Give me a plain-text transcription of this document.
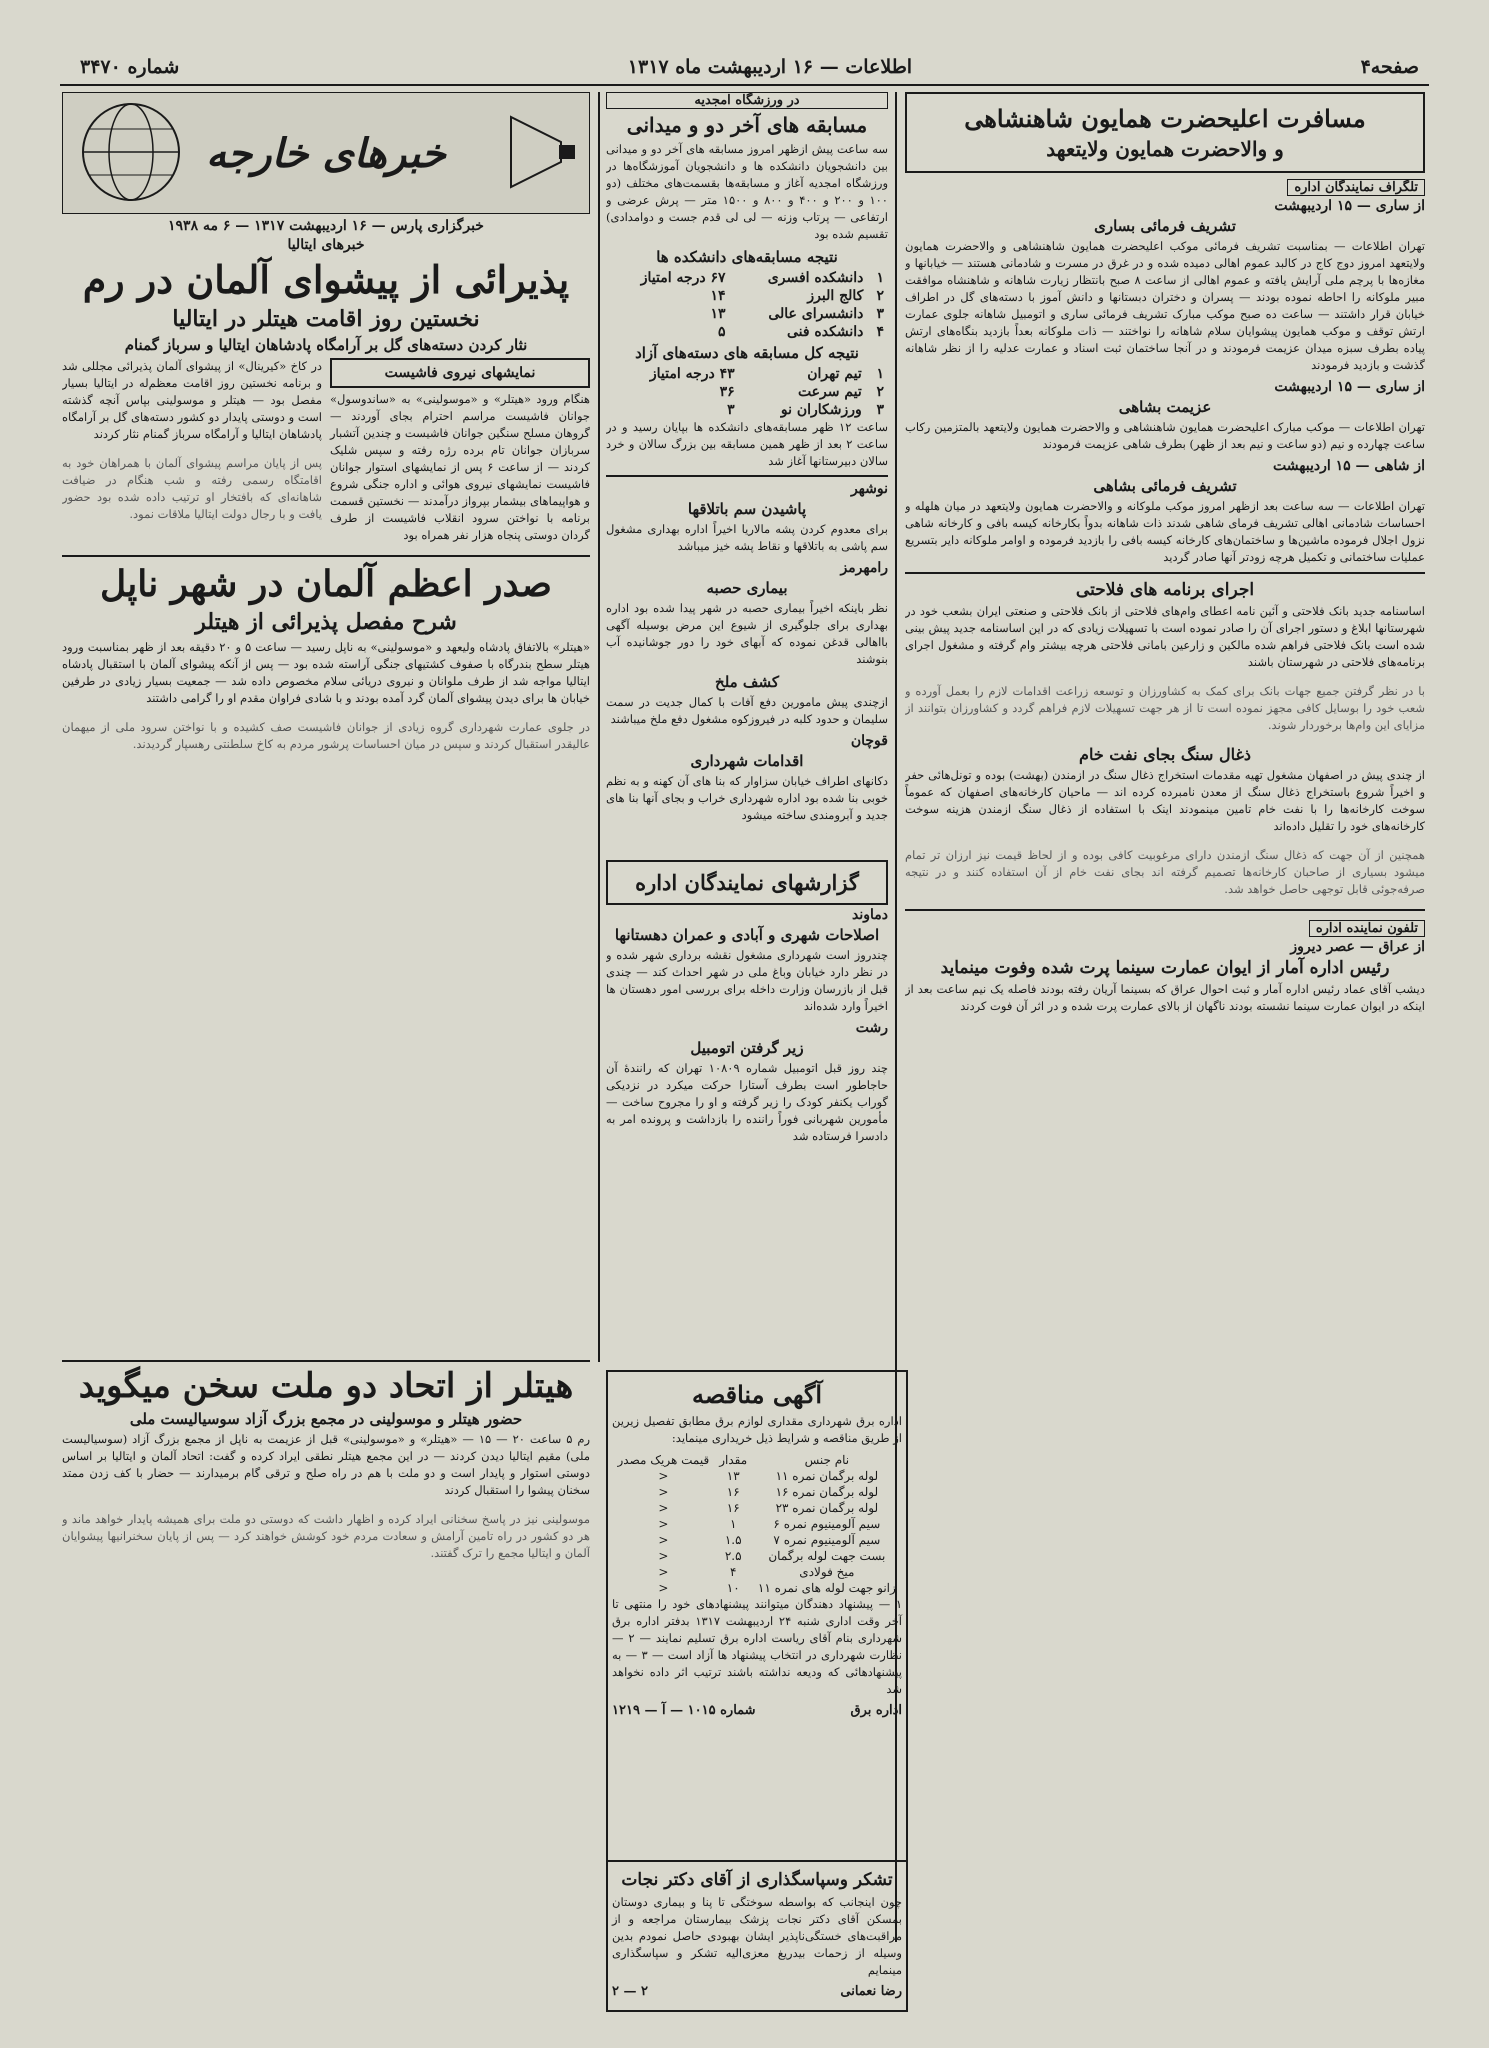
صفحه۴
اطلاعات — ۱۶ اردیبهشت ماه ۱۳۱۷
شماره ۳۴۷۰
مسافرت اعلیحضرت همایون شاهنشاهی
و والاحضرت همایون ولایتعهد
تلگراف نمایندگان اداره
از ساری — ۱۵ اردیبهشت
تشریف فرمائی بساری

تهران اطلاعات — بمناسبت تشریف فرمائی موکب اعلیحضرت همایون شاهنشاهی و والاحضرت همایون ولایتعهد امروز دوج کاج در کالبد عموم اهالی دمیده شده و در غرق در مسرت و شادمانی هستند — خیابانها و مغازه‌ها با پرچم ملی آرایش یافته و عموم اهالی از ساعت ۸ صبح بانتظار زیارت شاهانه و شاهنشاه موافقت مبیر ملوکانه را احاطه نموده بودند — پسران و دختران دبستانها و دانش آموز با دسته‌های گل در اطراف خیابان قرار داشتند — ساعت ده صبح موکب مبارک تشریف فرمائی ساری و اتومبیل شاهانه جلوی عمارت ارتش توقف و موکب همایون پیشوایان سلام شاهانه را نواختند — ذات ملوکانه بعداً بازدید بنگاه‌های ارتش پیاده بطرف سبزه میدان عزیمت فرمودند و در آنجا ساختمان ثبت اسناد و عمارت عدلیه را از نظر شاهانه گذشت و بازدید فرمودند

از ساری — ۱۵ اردیبهشت
عزیمت بشاهی

تهران اطلاعات — موکب مبارک اعلیحضرت همایون شاهنشاهی و والاحضرت همایون ولایتعهد بالمتزمین رکاب ساعت چهارده و نیم (دو ساعت و نیم بعد از ظهر) بطرف شاهی عزیمت فرمودند

از شاهی — ۱۵ اردیبهشت
تشریف فرمائی بشاهی

تهران اطلاعات — سه ساعت بعد ازظهر امروز موکب ملوکانه و والاحضرت همایون ولایتعهد در میان هلهله و احساسات شادمانی اهالی تشریف فرمای شاهی شدند ذات شاهانه بدواً بکارخانه کیسه بافی و کارخانه شاهی نزول اجلال فرموده ماشین‌ها و ساختمان‌های کارخانه کیسه بافی را بازدید فرموده و اوامر ملوکانه دایر بتسریع عملیات ساختمانی و تکمیل هرچه زودتر آنها صادر گردید

اجرای برنامه های فلاحتی

اساسنامه جدید بانک فلاحتی و آئین نامه اعطای وام‌های فلاحتی از بانک فلاحتی و صنعتی ایران بشعب خود در شهرستانها ابلاغ و دستور اجرای آن را صادر نموده است با تسهیلات زیادی که در این اساسنامه جدید پیش بینی شده است بانک فلاحتی فراهم شده مالکین و زارعین بامانی فلاحتی هرچه بیشتر وام گرفته و مشغول اجرای برنامه‌های فلاحتی در شهرستان باشند

با در نظر گرفتن جمیع جهات بانک برای کمک به کشاورزان و توسعه زراعت اقدامات لازم را بعمل آورده و شعب خود را بوسایل کافی مجهز نموده است تا از هر جهت تسهیلات لازم فراهم گردد و کشاورزان بتوانند از مزایای این وام‌ها برخوردار شوند.

ذغال سنگ بجای نفت خام

از چندی پیش در اصفهان مشغول تهیه مقدمات استخراج ذغال سنگ در ازمندن (بهشت) بوده و تونل‌هائی حفر و اخیراً شروع باستخراج ذغال سنگ از معدن نامبرده کرده اند — ماحیان کارخانه‌های اصفهان که عموماً سوخت کارخانه‌ها را با نفت خام تامین مینمودند اینک با استفاده از ذغال سنگ ازمندن هزینه سوخت کارخانه‌های خود را تقلیل داده‌اند

همچنین از آن جهت که ذغال سنگ ازمندن دارای مرغوبیت کافی بوده و از لحاظ قیمت نیز ارزان تر تمام میشود بسیاری از صاحبان کارخانه‌ها تصمیم گرفته اند بجای نفت خام از آن استفاده کنند و در نتیجه صرفه‌جوئی قابل توجهی حاصل خواهد شد.

تلفون نماینده اداره
از عراق — عصر دیروز
رئیس اداره آمار از ایوان عمارت سینما پرت شده وفوت مینماید

دیشب آقای عماد رئیس اداره آمار و ثبت احوال عراق که بسینما آریان رفته بودند فاصله یک نیم ساعت بعد از اینکه در ایوان عمارت سینما نشسته بودند ناگهان از بالای عمارت پرت شده و در اثر آن فوت کردند

در ورزشگاه امجدیه
مسابقه های آخر دو و میدانی

سه ساعت پیش ازظهر امروز مسابقه های آخر دو و میدانی بین دانشجویان دانشکده ها و دانشجویان آموزشگاه‌ها در ورزشگاه امجدیه آغاز و مسابقه‌ها بقسمت‌های مختلف (دو ۱۰۰ و ۲۰۰ و ۴۰۰ و ۸۰۰ و ۱۵۰۰ متر — پرش عرضی و ارتفاعی — پرتاب وزنه — لی لی قدم جست و دوامدادی) تقسیم شده بود

نتیجه مسابقه‌های دانشکده ها
۱	دانشکده افسری	۶۷ درجه امتیاز
۲	کالج البرز	۱۴
۳	دانشسرای عالی	۱۳
۴	دانشکده فنی	۵
نتیجه کل مسابقه های دسته‌های آزاد
۱	تیم تهران	۴۳ درجه امتیاز
۲	تیم سرعت	۳۶
۳	ورزشکاران نو	۳

ساعت ۱۲ ظهر مسابقه‌های دانشکده ها بپایان رسید و در ساعت ۲ بعد از ظهر همین مسابقه بین بزرگ سالان و خرد سالان دبیرستانها آغاز شد

نوشهر
پاشیدن سم باتلاقها

برای معدوم کردن پشه مالاریا اخیراً اداره بهداری مشغول سم پاشی به باتلاقها و نقاط پشه خیز میباشد

رامهرمز
بیماری حصبه

نظر باینکه اخیراً بیماری حصبه در شهر پیدا شده بود اداره بهداری برای جلوگیری از شیوع این مرض بوسیله آگهی بااهالی قدغن نموده که آبهای خود را دور جوشانیده آب بنوشند

کشف ملخ

ازچندی پیش مامورین دفع آفات با کمال جدیت در سمت سلیمان و حدود کلبه در فیروزکوه مشغول دفع ملخ میباشند

قوچان
اقدامات شهرداری

دکانهای اطراف خیابان سزاوار که بنا های آن کهنه و به نظم خوبی بنا شده بود اداره شهرداری خراب و بجای آنها بنا های جدید و آبرومندی ساخته میشود

گزارشهای نمایندگان اداره
دماوند
اصلاحات شهری و آبادی و عمران دهستانها

چندروز است شهرداری مشغول نقشه برداری شهر شده و در نظر دارد خیابان وباغ ملی در شهر احداث کند — چندی قبل از بازرسان وزارت داخله برای بررسی امور دهستان ها اخیراً وارد شده‌اند

رشت
زیر گرفتن اتومبیل

چند روز قبل اتومبیل شماره ۱۰۸۰۹ تهران که رانندهٔ آن حاجاطور است بطرف آستارا حرکت میکرد در نزدیکی گوراب یکنفر کودک را زیر گرفته و او را مجروح ساخت — مأمورین شهربانی فوراً راننده را بازداشت و پرونده امر به دادسرا فرستاده شد

خبرهای خارجه
خبرگزاری پارس — ۱۶ اردیبهشت ۱۳۱۷ — ۶ مه ۱۹۳۸
خبرهای ایتالیا
پذیرائی از پیشوای آلمان در رم
نخستین روز اقامت هیتلر در ایتالیا
نثار کردن دسته‌های گل بر آرامگاه پادشاهان ایتالیا و سرباز گمنام
نمایشهای نیروی فاشیست

هنگام ورود «هیتلر» و «موسولینی» به «ساندوسول» جوانان فاشیست مراسم احترام بجای آوردند — گروهان مسلح سنگین جوانان فاشیست و چندین آتشبار سربازان جوانان تام برده رژه رفته و سپس شلیک کردند — از ساعت ۶ پس از نمایشهای استوار جوانان فاشیست نمایشهای نیروی هوائی و اداره جنگی شروع و هواپیماهای بیشمار بپرواز درآمدند — نخستین قسمت برنامه با نواختن سرود انقلاب فاشیست از طرف گردان دوستی پنجاه هزار نفر همراه بود

در کاخ «کیرینال» از پیشوای آلمان پذیرائی مجللی شد و برنامه نخستین روز اقامت معظم‌له در ایتالیا بسیار مفصل بود — هیتلر و موسولینی بپاس آنچه گذشته است و دوستی پایدار دو کشور دسته‌های گل بر آرامگاه پادشاهان ایتالیا و آرامگاه سرباز گمنام نثار کردند

پس از پایان مراسم پیشوای آلمان با همراهان خود به اقامتگاه رسمی رفته و شب هنگام در ضیافت شاهانه‌ای که بافتخار او ترتیب داده شده بود حضور یافت و با رجال دولت ایتالیا ملاقات نمود.

صدر اعظم آلمان در شهر ناپل
شرح مفصل پذیرائی از هیتلر

«هیتلر» بالاتفاق پادشاه ولیعهد و «موسولینی» به ناپل رسید — ساعت ۵ و ۲۰ دقیقه بعد از ظهر بمناسبت ورود هیتلر سطح بندرگاه با صفوف کشتیهای جنگی آراسته شده بود — پس از آنکه پیشوای آلمان با استقبال پادشاه ایتالیا مواجه شد از طرف ملوانان و نیروی دریائی سلام مخصوص داده شد — جمعیت بسیار زیادی در طرفین خیابان ها برای دیدن پیشوای آلمان گرد آمده بودند و با شادی فراوان مقدم او را گرامی داشتند

در جلوی عمارت شهرداری گروه زیادی از جوانان فاشیست صف کشیده و با نواختن سرود ملی از میهمان عالیقدر استقبال کردند و سپس در میان احساسات پرشور مردم به کاخ سلطنتی رهسپار گردیدند.

هیتلر از اتحاد دو ملت سخن میگوید
حضور هیتلر و موسولینی در مجمع بزرگ آزاد سوسیالیست ملی

رم ۵ ساعت ۲۰ — ۱۵ — «هیتلر» و «موسولینی» قبل از عزیمت به ناپل از مجمع بزرگ آزاد (سوسیالیست ملی) مقیم ایتالیا دیدن کردند — در این مجمع هیتلر نطقی ایراد کرده و گفت: اتحاد آلمان و ایتالیا بر اساس دوستی استوار و پایدار است و دو ملت با هم در راه صلح و ترقی گام برمیدارند — حضار با کف زدن ممتد سخنان پیشوا را استقبال کردند

موسولینی نیز در پاسخ سخنانی ایراد کرده و اظهار داشت که دوستی دو ملت برای همیشه پایدار خواهد ماند و هر دو کشور در راه تامین آرامش و سعادت مردم خود کوشش خواهند کرد — پس از پایان سخنرانیها پیشوایان آلمان و ایتالیا مجمع را ترک گفتند.

آگهی مناقصه

اداره برق شهرداری مقداری لوازم برق مطابق تفصیل زیرین از طریق مناقصه و شرایط ذیل خریداری مینماید:

نام جنس	مقدار	قیمت هریک مصدر
لوله برگمان نمره ۱۱	۱۳	<
لوله برگمان نمره ۱۶	۱۶	<
لوله برگمان نمره ۲۳	۱۶	<
سیم آلومینیوم نمره ۶	۱	<
سیم آلومینیوم نمره ۷	۱.۵	<
بست جهت لوله برگمان	۲.۵	<
میخ فولادی	۴	<
زانو جهت لوله های نمره ۱۱	۱۰	<

۱ — پیشنهاد دهندگان میتوانند پیشنهادهای خود را منتهی تا آخر وقت اداری شنبه ۲۴ اردیبهشت ۱۳۱۷ بدفتر اداره برق شهرداری بنام آقای ریاست اداره برق تسلیم نمایند — ۲ — نظارت شهرداری در انتخاب پیشنهاد ها آزاد است — ۳ — به پیشنهادهائی که ودیعه نداشته باشند ترتیب اثر داده نخواهد شد

اداره برق
شماره ۱۰۱۵ — آ — ۱۲۱۹
تشکر وسپاسگذاری از آقای دکتر نجات

چون اینجانب که بواسطه سوختگی تا پنا و بیماری دوستان بمسکن آقای دکتر نجات پزشک بیمارستان مراجعه و از مراقبت‌های خستگی‌ناپذیر ایشان بهبودی حاصل نمودم بدین وسیله از زحمات بیدریغ معزی‌الیه تشکر و سپاسگذاری مینمایم

رضا نعمانی
۲ — ۲
